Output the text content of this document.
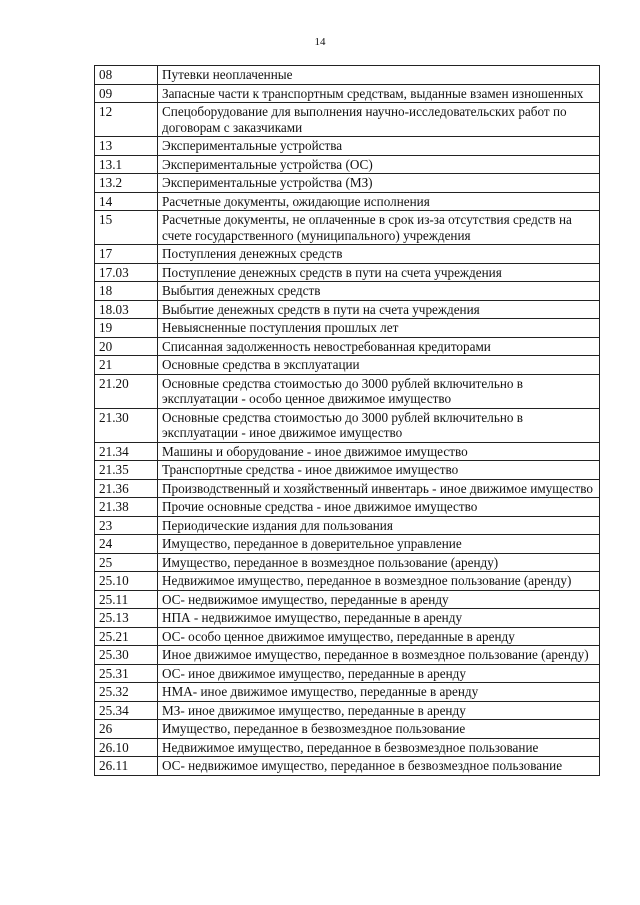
14
08	Путевки неоплаченные
09	Запасные части к транспортным средствам, выданные взамен изношенных
12	Спецоборудование для выполнения научно-исследовательских работ по договорам с заказчиками
13	Экспериментальные устройства
13.1	Экспериментальные устройства (ОС)
13.2	Экспериментальные устройства (МЗ)
14	Расчетные документы, ожидающие исполнения
15	Расчетные документы, не оплаченные в срок из-за отсутствия средств на счете государственного (муниципального) учреждения
17	Поступления денежных средств
17.03	Поступление денежных средств в пути на счета учреждения
18	Выбытия денежных средств
18.03	Выбытие денежных средств в пути на счета учреждения
19	Невыясненные поступления прошлых лет
20	Списанная задолженность невостребованная кредиторами
21	Основные средства в эксплуатации
21.20	Основные средства стоимостью до 3000 рублей включительно в эксплуатации - особо ценное движимое имущество
21.30	Основные средства стоимостью до 3000 рублей включительно в эксплуатации - иное движимое имущество
21.34	Машины и оборудование - иное движимое имущество
21.35	Транспортные средства - иное движимое имущество
21.36	Производственный и хозяйственный инвентарь - иное движимое имущество
21.38	Прочие основные средства - иное движимое имущество
23	Периодические издания для пользования
24	Имущество, переданное в доверительное управление
25	Имущество, переданное в возмездное пользование (аренду)
25.10	Недвижимое имущество, переданное в возмездное пользование (аренду)
25.11	ОС- недвижимое имущество, переданные в аренду
25.13	НПА - недвижимое имущество, переданные в аренду
25.21	ОС- особо ценное движимое имущество, переданные в аренду
25.30	Иное движимое имущество, переданное в возмездное пользование (аренду)
25.31	ОС- иное движимое имущество, переданные в аренду
25.32	НМА- иное движимое имущество, переданные в аренду
25.34	МЗ- иное движимое имущество, переданные в аренду
26	Имущество, переданное в безвозмездное пользование
26.10	Недвижимое имущество, переданное в безвозмездное пользование
26.11	ОС- недвижимое имущество, переданное в безвозмездное пользование
